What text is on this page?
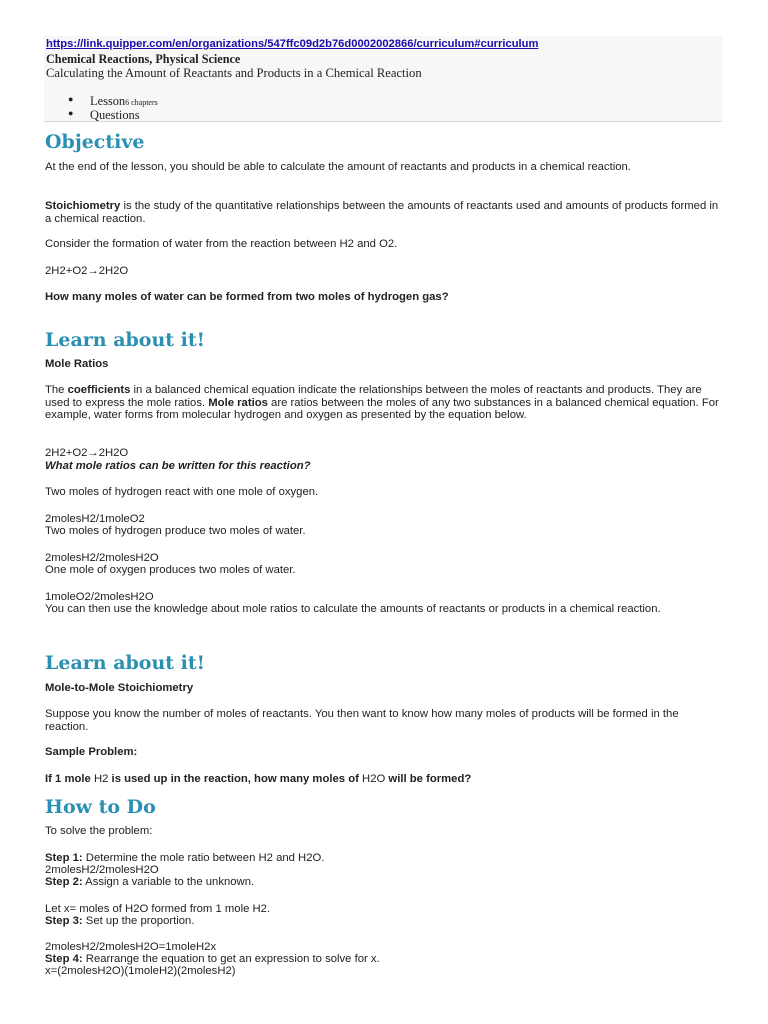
https://link.quipper.com/en/organizations/547ffc09d2b76d0002002866/curriculum#curriculum
Chemical Reactions, Physical Science
Calculating the Amount of Reactants and Products in a Chemical Reaction
● Lesson6 chapters
● Questions
Objective

At the end of the lesson, you should be able to calculate the amount of reactants and products in a chemical reaction.

Stoichiometry is the study of the quantitative relationships between the amounts of reactants used and amounts of products formed in a chemical reaction.

Consider the formation of water from the reaction between H2 and O2.

2H2+O2→2H2O

How many moles of water can be formed from two moles of hydrogen gas?

Learn about it!

Mole Ratios

The coefficients in a balanced chemical equation indicate the relationships between the moles of reactants and products. They are used to express the mole ratios. Mole ratios are ratios between the moles of any two substances in a balanced chemical equation. For example, water forms from molecular hydrogen and oxygen as presented by the equation below.

2H2+O2→2H2O

What mole ratios can be written for this reaction?

Two moles of hydrogen react with one mole of oxygen.

2molesH2/1moleO2

Two moles of hydrogen produce two moles of water.

2molesH2/2molesH2O

One mole of oxygen produces two moles of water.

1moleO2/2molesH2O

You can then use the knowledge about mole ratios to calculate the amounts of reactants or products in a chemical reaction.

Learn about it!

Mole-to-Mole Stoichiometry

Suppose you know the number of moles of reactants. You then want to know how many moles of products will be formed in the reaction.

Sample Problem:

If 1 mole H2 is used up in the reaction, how many moles of H2O will be formed?

How to Do

To solve the problem:

Step 1: Determine the mole ratio between H2 and H2O.

2molesH2/2molesH2O

Step 2: Assign a variable to the unknown.

Let x= moles of H2O formed from 1 mole H2.

Step 3: Set up the proportion.

2molesH2/2molesH2O=1moleH2x

Step 4: Rearrange the equation to get an expression to solve for x.

x=(2molesH2O)(1moleH2)(2molesH2)
